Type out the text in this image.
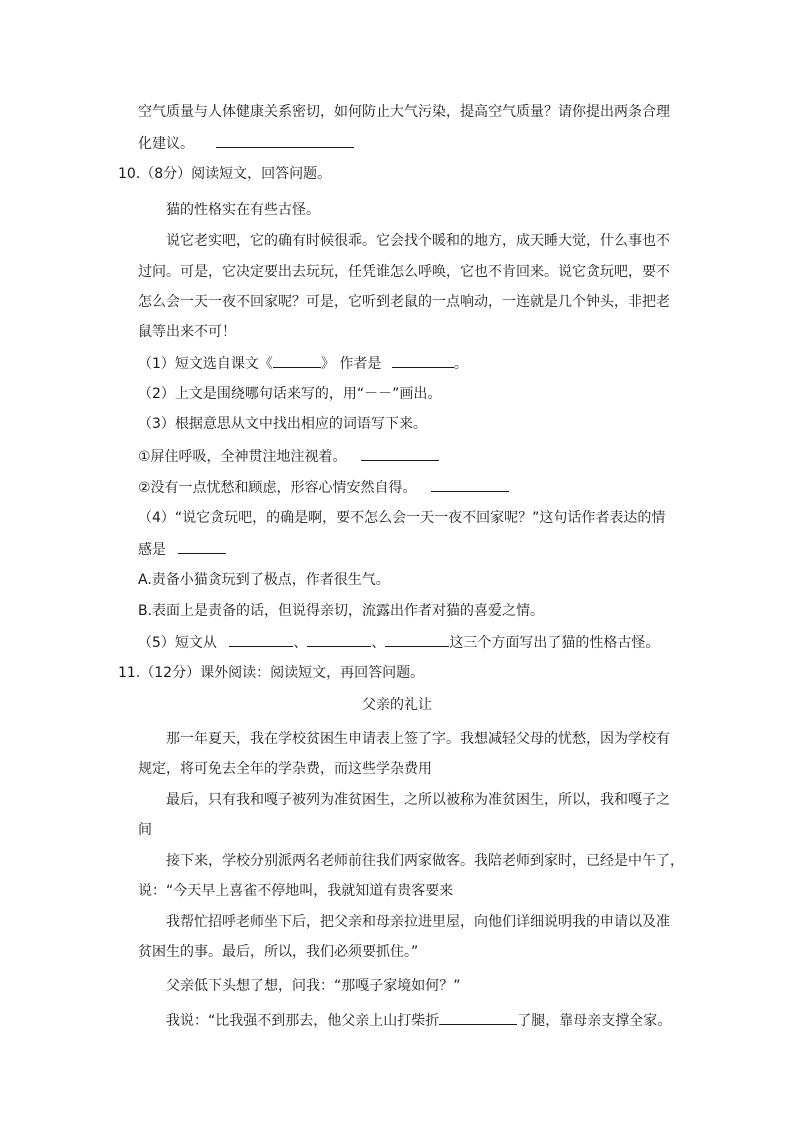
空气质量与人体健康关系密切，如何防止大气污染，提高空气质量？请你提出两条合理
化建议。
10.（8分）阅读短文，回答问题。
猫的性格实在有些古怪。
说它老实吧，它的确有时候很乖。它会找个暖和的地方，成天睡大觉，什么事也不
过问。可是，它决定要出去玩玩，任凭谁怎么呼唤，它也不肯回来。说它贪玩吧，要不
怎么会一天一夜不回家呢？可是，它听到老鼠的一点响动，一连就是几个钟头，非把老
鼠等出来不可！
（1）短文选自课文《	》 作者是	。
（2）上文是围绕哪句话来写的，用“－－”画出。
（3）根据意思从文中找出相应的词语写下来。
①屏住呼吸，全神贯注地注视着。
②没有一点忧愁和顾虑，形容心情安然自得。
（4）“说它贪玩吧，的确是啊，要不怎么会一天一夜不回家呢？”这句话作者表达的情
感是
A.责备小猫贪玩到了极点，作者很生气。
B.表面上是责备的话，但说得亲切，流露出作者对猫的喜爱之情。
（5）短文从	、	、	这三个方面写出了猫的性格古怪。
11.（12分）课外阅读：阅读短文，再回答问题。
父亲的礼让
那一年夏天，我在学校贫困生申请表上签了字。我想减轻父母的忧愁，因为学校有
规定，将可免去全年的学杂费，而这些学杂费用
最后，只有我和嘎子被列为准贫困生，之所以被称为准贫困生，所以，我和嘎子之
间
接下来，学校分别派两名老师前往我们两家做客。我陪老师到家时，已经是中午了，
说：“今天早上喜雀不停地叫，我就知道有贵客要来
我帮忙招呼老师坐下后，把父亲和母亲拉进里屋，向他们详细说明我的申请以及准
贫困生的事。最后，所以，我们必须要抓住。”
父亲低下头想了想，问我：“那嘎子家境如何？”
我说：“比我强不到那去，他父亲上山打柴折	了腿，靠母亲支撑全家。
